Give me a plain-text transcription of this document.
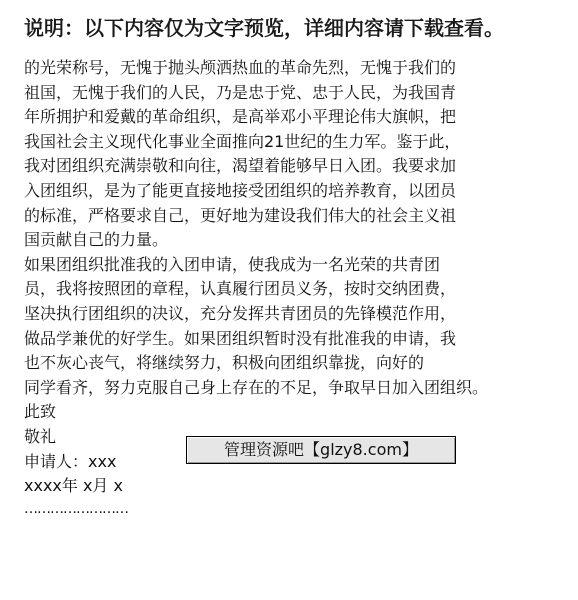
说明：以下内容仅为文字预览，详细内容请下载查看。
的光荣称号，无愧于抛头颅洒热血的革命先烈，无愧于我们的
祖国，无愧于我们的人民，乃是忠于党、忠于人民，为我国青
年所拥护和爱戴的革命组织，是高举邓小平理论伟大旗帜，把
我国社会主义现代化事业全面推向21世纪的生力军。鉴于此，
我对团组织充满崇敬和向往，渴望着能够早日入团。我要求加
入团组织，是为了能更直接地接受团组织的培养教育，以团员
的标准，严格要求自己，更好地为建设我们伟大的社会主义祖
国贡献自己的力量。
如果团组织批准我的入团申请，使我成为一名光荣的共青团
员，我将按照团的章程，认真履行团员义务，按时交纳团费，
坚决执行团组织的决议，充分发挥共青团员的先锋模范作用，
做品学兼优的好学生。如果团组织暂时没有批准我的申请，我
也不灰心丧气，将继续努力，积极向团组织靠拢，向好的
同学看齐，努力克服自己身上存在的不足，争取早日加入团组织。
此致
敬礼
申请人：xxx
xxxx年 x月 x
……………………
管理资源吧【glzy8.com】
